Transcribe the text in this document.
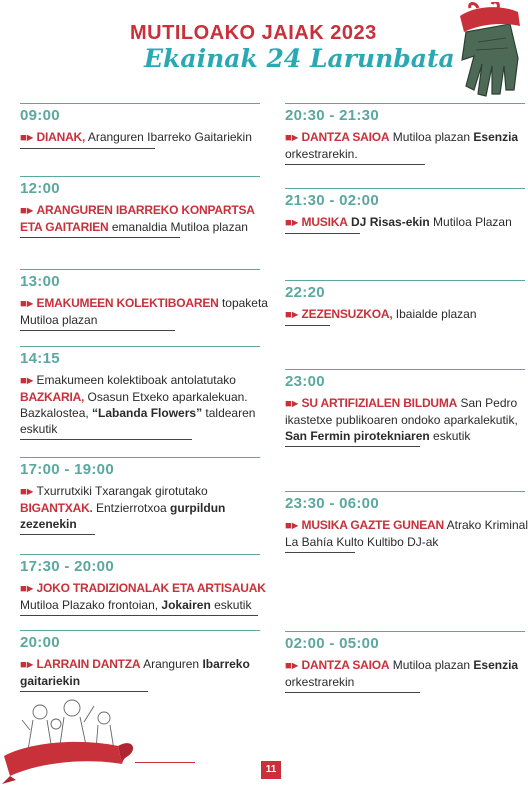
MUTILOAKO JAIAK 2023
Ekainak 24 Larunbata
09:00
■► DIANAK, Aranguren Ibarreko Gaitariekin
12:00
■► ARANGUREN IBARREKO KONPARTSA ETA GAITARIEN emanaldia Mutiloa plazan
13:00
■► EMAKUMEEN KOLEKTIBOAREN topaketa Mutiloa plazan
14:15
■► Emakumeen kolektiboak antolatutako BAZKARIA, Osasun Etxeko aparkalekuan. Bazkalostea, “Labanda Flowers” taldearen eskutik
17:00 - 19:00
■► Txurrutxiki Txarangak girotutako BIGANTXAK. Entzierrotxoa gurpildun zezenekin
17:30 - 20:00
■► JOKO TRADIZIONALAK ETA ARTISAUAK Mutiloa Plazako frontoian, Jokairen eskutik
20:00
■► LARRAIN DANTZA Aranguren Ibarreko gaitariekin
20:30 - 21:30
■► DANTZA SAIOA Mutiloa plazan Esenzia orkestrarekin.
21:30 - 02:00
■► MUSIKA DJ Risas-ekin Mutiloa Plazan
22:20
■► ZEZENSUZKOA, Ibaialde plazan
23:00
■► SU ARTIFIZIALEN BILDUMA San Pedro ikastetxe publikoaren ondoko aparkalekutik, San Fermin pirotekniaren eskutik
23:30 - 06:00
■► MUSIKA GAZTE GUNEAN Atrako Kriminal La Bahía Kulto Kultibo DJ-ak
02:00 - 05:00
■► DANTZA SAIOA Mutiloa plazan Esenzia orkestrarekin
11
